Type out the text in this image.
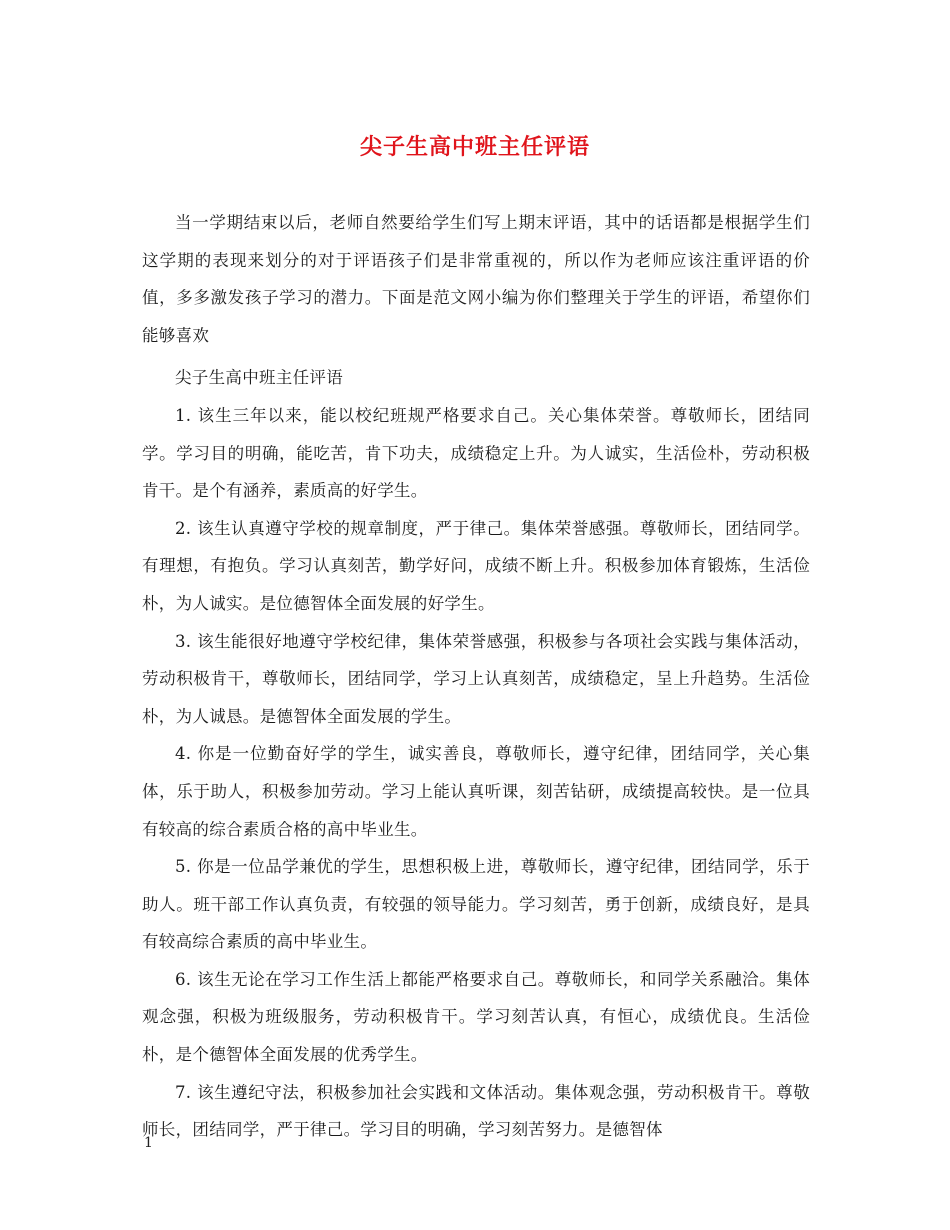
尖子生高中班主任评语

当一学期结束以后，老师自然要给学生们写上期末评语，其中的话语都是根据学生们这学期的表现来划分的对于评语孩子们是非常重视的，所以作为老师应该注重评语的价值，多多激发孩子学习的潜力。下面是范文网小编为你们整理关于学生的评语，希望你们能够喜欢

尖子生高中班主任评语

1. 该生三年以来，能以校纪班规严格要求自己。关心集体荣誉。尊敬师长，团结同学。学习目的明确，能吃苦，肯下功夫，成绩稳定上升。为人诚实，生活俭朴，劳动积极肯干。是个有涵养，素质高的好学生。

2. 该生认真遵守学校的规章制度，严于律己。集体荣誉感强。尊敬师长，团结同学。有理想，有抱负。学习认真刻苦，勤学好问，成绩不断上升。积极参加体育锻炼，生活俭朴，为人诚实。是位德智体全面发展的好学生。

3. 该生能很好地遵守学校纪律，集体荣誉感强，积极参与各项社会实践与集体活动，劳动积极肯干，尊敬师长，团结同学，学习上认真刻苦，成绩稳定，呈上升趋势。生活俭朴，为人诚恳。是德智体全面发展的学生。

4. 你是一位勤奋好学的学生，诚实善良，尊敬师长，遵守纪律，团结同学，关心集体，乐于助人，积极参加劳动。学习上能认真听课，刻苦钻研，成绩提高较快。是一位具有较高的综合素质合格的高中毕业生。

5. 你是一位品学兼优的学生，思想积极上进，尊敬师长，遵守纪律，团结同学，乐于助人。班干部工作认真负责，有较强的领导能力。学习刻苦，勇于创新，成绩良好，是具有较高综合素质的高中毕业生。

6. 该生无论在学习工作生活上都能严格要求自己。尊敬师长，和同学关系融洽。集体观念强，积极为班级服务，劳动积极肯干。学习刻苦认真，有恒心，成绩优良。生活俭朴，是个德智体全面发展的优秀学生。

7. 该生遵纪守法，积极参加社会实践和文体活动。集体观念强，劳动积极肯干。尊敬师长，团结同学，严于律己。学习目的明确，学习刻苦努力。是德智体

1
